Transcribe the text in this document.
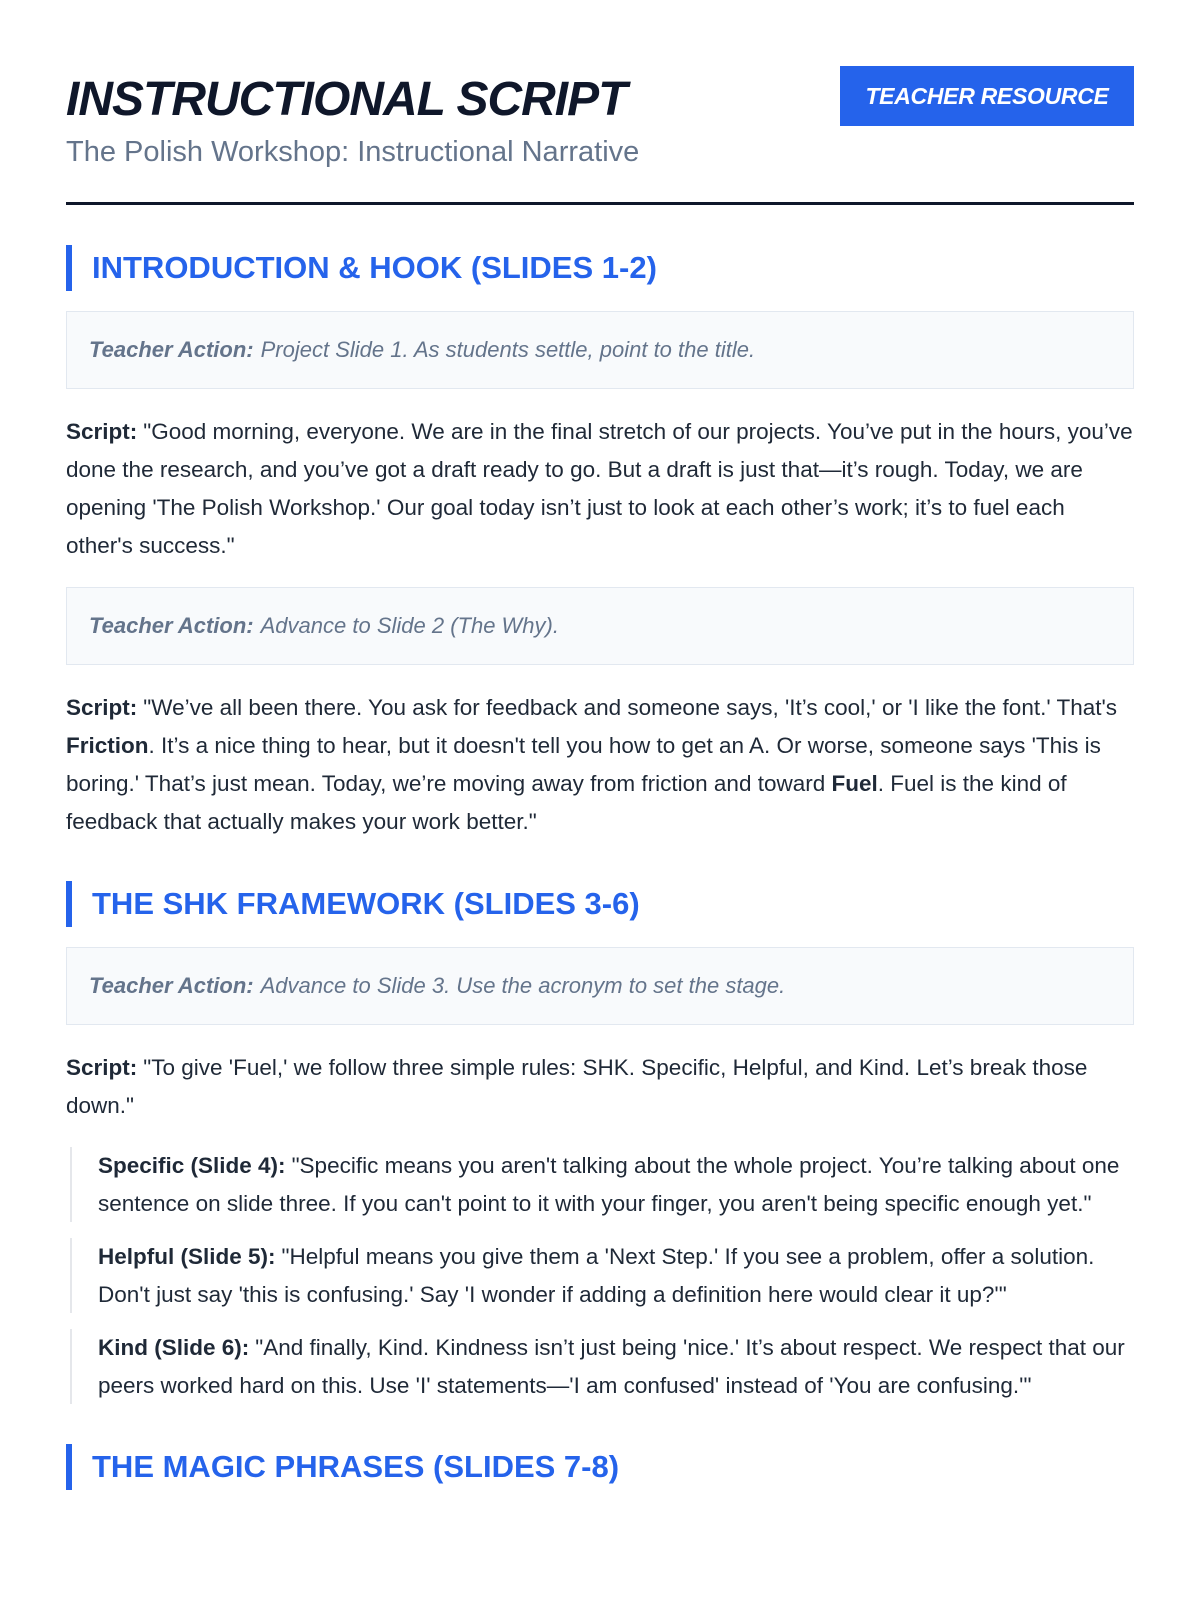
INSTRUCTIONAL SCRIPT
The Polish Workshop: Instructional Narrative
TEACHER RESOURCE
INTRODUCTION & HOOK (SLIDES 1-2)
Teacher Action: Project Slide 1. As students settle, point to the title.

Script: "Good morning, everyone. We are in the final stretch of our projects. You’ve put in the hours, you’ve done the research, and you’ve got a draft ready to go. But a draft is just that—it’s rough. Today, we are opening 'The Polish Workshop.' Our goal today isn’t just to look at each other’s work; it’s to fuel each other's success."

Teacher Action: Advance to Slide 2 (The Why).

Script: "We’ve all been there. You ask for feedback and someone says, 'It’s cool,' or 'I like the font.' That's Friction. It’s a nice thing to hear, but it doesn't tell you how to get an A. Or worse, someone says 'This is boring.' That’s just mean. Today, we’re moving away from friction and toward Fuel. Fuel is the kind of feedback that actually makes your work better."

THE SHK FRAMEWORK (SLIDES 3-6)
Teacher Action: Advance to Slide 3. Use the acronym to set the stage.

Script: "To give 'Fuel,' we follow three simple rules: SHK. Specific, Helpful, and Kind. Let’s break those down."

Specific (Slide 4): "Specific means you aren't talking about the whole project. You’re talking about one sentence on slide three. If you can't point to it with your finger, you aren't being specific enough yet."
Helpful (Slide 5): "Helpful means you give them a 'Next Step.' If you see a problem, offer a solution. Don't just say 'this is confusing.' Say 'I wonder if adding a definition here would clear it up?'"
Kind (Slide 6): "And finally, Kind. Kindness isn’t just being 'nice.' It’s about respect. We respect that our peers worked hard on this. Use 'I' statements—'I am confused' instead of 'You are confusing.'"
THE MAGIC PHRASES (SLIDES 7-8)
